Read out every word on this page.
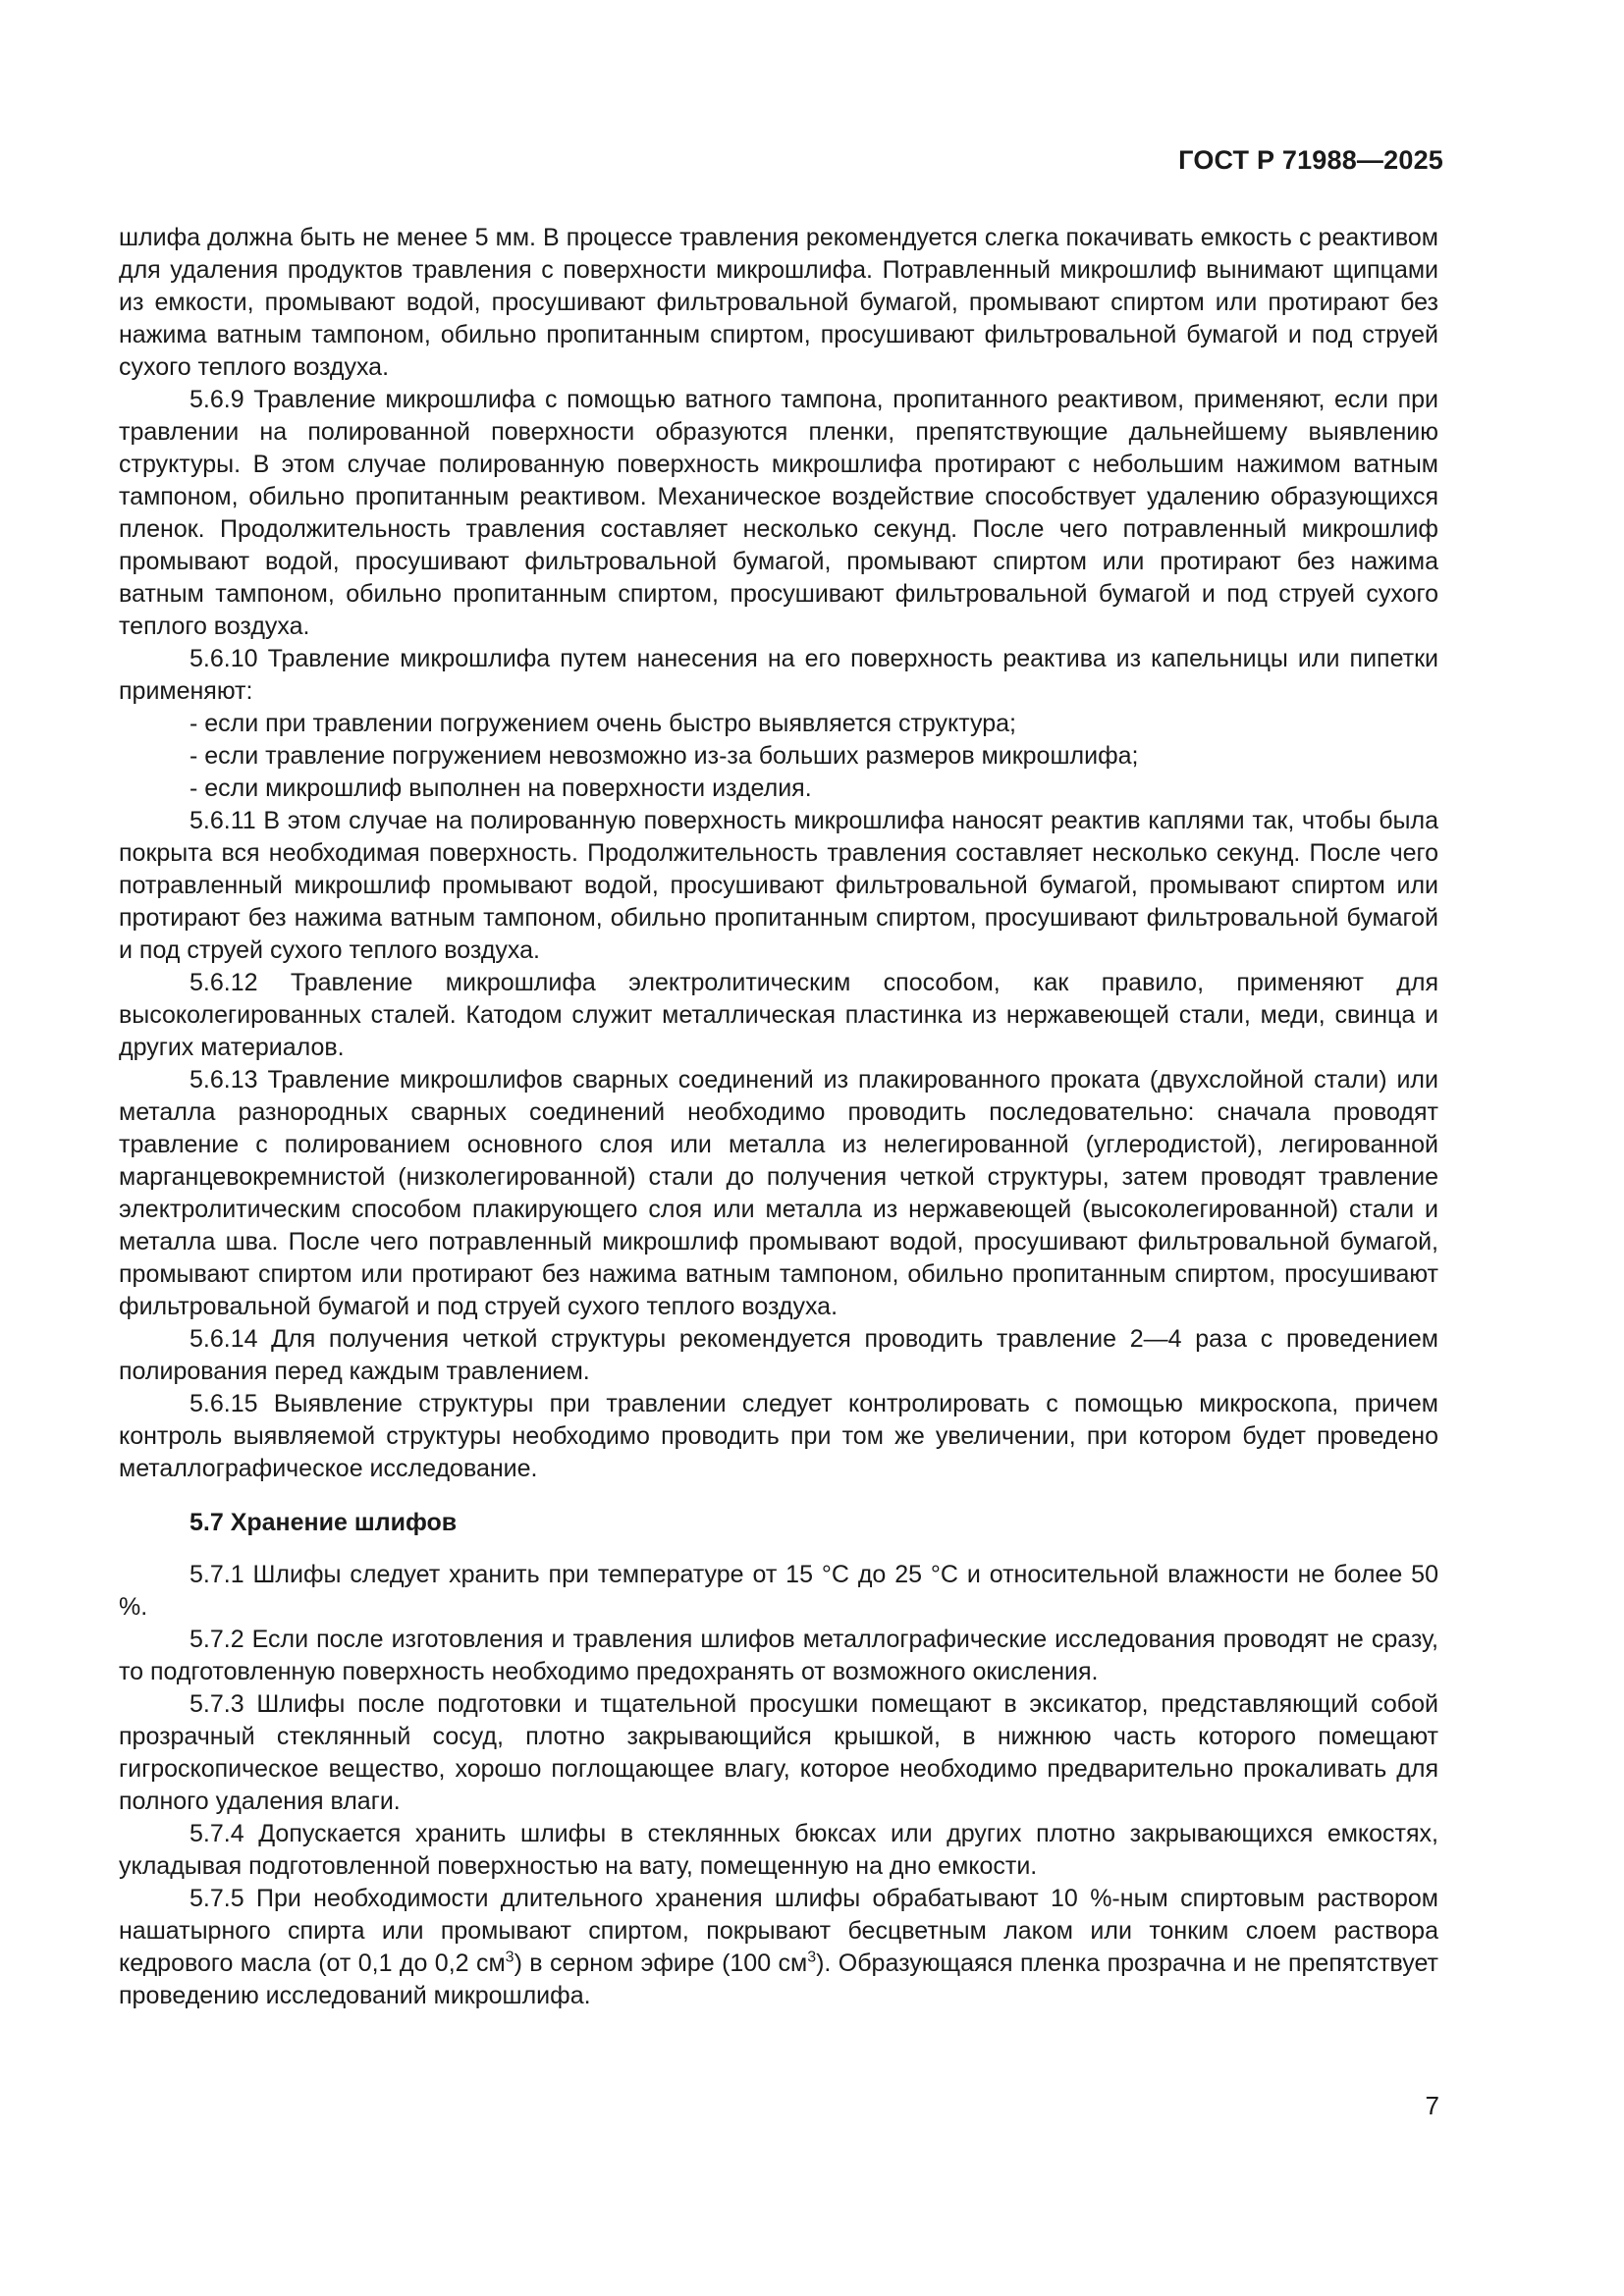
ГОСТ Р 71988—2025

шлифа должна быть не менее 5 мм. В процессе травления рекомендуется слегка покачивать емкость с реактивом для удаления продуктов травления с поверхности микрошлифа. Потравленный микрошлиф вынимают щипцами из емкости, промывают водой, просушивают фильтровальной бумагой, промывают спиртом или протирают без нажима ватным тампоном, обильно пропитанным спиртом, просушивают фильтровальной бумагой и под струей сухого теплого воздуха.

5.6.9 Травление микрошлифа с помощью ватного тампона, пропитанного реактивом, применяют, если при травлении на полированной поверхности образуются пленки, препятствующие дальнейшему выявлению структуры. В этом случае полированную поверхность микрошлифа протирают с небольшим нажимом ватным тампоном, обильно пропитанным реактивом. Механическое воздействие способствует удалению образующихся пленок. Продолжительность травления составляет несколько секунд. После чего потравленный микрошлиф промывают водой, просушивают фильтровальной бумагой, промывают спиртом или протирают без нажима ватным тампоном, обильно пропитанным спиртом, просушивают фильтровальной бумагой и под струей сухого теплого воздуха.

5.6.10 Травление микрошлифа путем нанесения на его поверхность реактива из капельницы или пипетки применяют:

- если при травлении погружением очень быстро выявляется структура;

- если травление погружением невозможно из-за больших размеров микрошлифа;

- если микрошлиф выполнен на поверхности изделия.

5.6.11 В этом случае на полированную поверхность микрошлифа наносят реактив каплями так, чтобы была покрыта вся необходимая поверхность. Продолжительность травления составляет несколько секунд. После чего потравленный микрошлиф промывают водой, просушивают фильтровальной бумагой, промывают спиртом или протирают без нажима ватным тампоном, обильно пропитанным спиртом, просушивают фильтровальной бумагой и под струей сухого теплого воздуха.

5.6.12 Травление микрошлифа электролитическим способом, как правило, применяют для высоколегированных сталей. Катодом служит металлическая пластинка из нержавеющей стали, меди, свинца и других материалов.

5.6.13 Травление микрошлифов сварных соединений из плакированного проката (двухслойной стали) или металла разнородных сварных соединений необходимо проводить последовательно: сначала проводят травление с полированием основного слоя или металла из нелегированной (углеродистой), легированной марганцевокремнистой (низколегированной) стали до получения четкой структуры, затем проводят травление электролитическим способом плакирующего слоя или металла из нержавеющей (высоколегированной) стали и металла шва. После чего потравленный микрошлиф промывают водой, просушивают фильтровальной бумагой, промывают спиртом или протирают без нажима ватным тампоном, обильно пропитанным спиртом, просушивают фильтровальной бумагой и под струей сухого теплого воздуха.

5.6.14 Для получения четкой структуры рекомендуется проводить травление 2—4 раза с проведением полирования перед каждым травлением.

5.6.15 Выявление структуры при травлении следует контролировать с помощью микроскопа, причем контроль выявляемой структуры необходимо проводить при том же увеличении, при котором будет проведено металлографическое исследование.

5.7 Хранение шлифов

5.7.1 Шлифы следует хранить при температуре от 15 °C до 25 °C и относительной влажности не более 50 %.

5.7.2 Если после изготовления и травления шлифов металлографические исследования проводят не сразу, то подготовленную поверхность необходимо предохранять от возможного окисления.

5.7.3 Шлифы после подготовки и тщательной просушки помещают в эксикатор, представляющий собой прозрачный стеклянный сосуд, плотно закрывающийся крышкой, в нижнюю часть которого помещают гигроскопическое вещество, хорошо поглощающее влагу, которое необходимо предварительно прокаливать для полного удаления влаги.

5.7.4 Допускается хранить шлифы в стеклянных бюксах или других плотно закрывающихся емкостях, укладывая подготовленной поверхностью на вату, помещенную на дно емкости.

5.7.5 При необходимости длительного хранения шлифы обрабатывают 10 %-ным спиртовым раствором нашатырного спирта или промывают спиртом, покрывают бесцветным лаком или тонким слоем раствора кедрового масла (от 0,1 до 0,2 $см^3$) в серном эфире (100 $см^3$). Образующаяся пленка прозрачна и не препятствует проведению исследований микрошлифа.

7
